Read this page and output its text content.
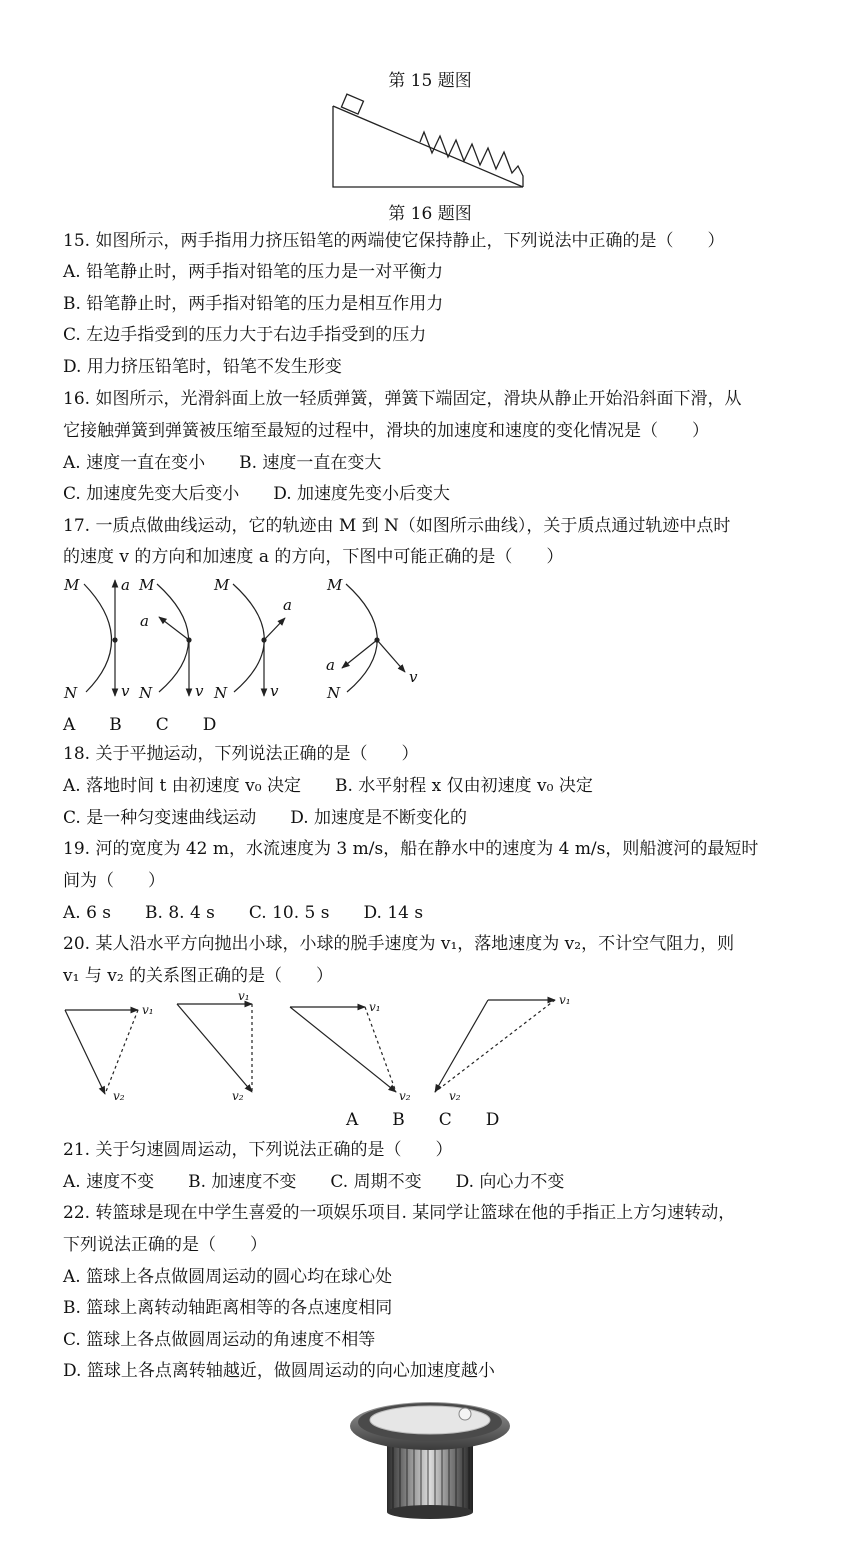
第 15 题图
第 16 题图
15. 如图所示，两手指用力挤压铅笔的两端使它保持静止，下列说法中正确的是（　　）
A. 铅笔静止时，两手指对铅笔的压力是一对平衡力
B. 铅笔静止时，两手指对铅笔的压力是相互作用力
C. 左边手指受到的压力大于右边手指受到的压力
D. 用力挤压铅笔时，铅笔不发生形变
16. 如图所示，光滑斜面上放一轻质弹簧，弹簧下端固定，滑块从静止开始沿斜面下滑，从
它接触弹簧到弹簧被压缩至最短的过程中，滑块的加速度和速度的变化情况是（　　）
A. 速度一直在变小　　B. 速度一直在变大
C. 加速度先变大后变小　　D. 加速度先变小后变大
17. 一质点做曲线运动，它的轨迹由 M 到 N（如图所示曲线），关于质点通过轨迹中点时
的速度 v 的方向和加速度 a 的方向，下图中可能正确的是（　　）
M
N
a
v
M
N
a
v
M
N
a
v
M
N
a
v
A　　B　　C　　D
18. 关于平抛运动，下列说法正确的是（　　）
A. 落地时间 t 由初速度 v₀ 决定　　B. 水平射程 x 仅由初速度 v₀ 决定
C. 是一种匀变速曲线运动　　D. 加速度是不断变化的
19. 河的宽度为 42 m，水流速度为 3 m/s，船在静水中的速度为 4 m/s，则船渡河的最短时
间为（　　）
A. 6 s　　B. 8. 4 s　　C. 10. 5 s　　D. 14 s
20. 某人沿水平方向抛出小球，小球的脱手速度为 v₁，落地速度为 v₂，不计空气阻力，则
v₁ 与 v₂ 的关系图正确的是（　　）
v₁
v₂
v₁
v₂
v₁
v₂
v₁
v₂
A　　B　　C　　D
21. 关于匀速圆周运动，下列说法正确的是（　　）
A. 速度不变　　B. 加速度不变　　C. 周期不变　　D. 向心力不变
22. 转篮球是现在中学生喜爱的一项娱乐项目. 某同学让篮球在他的手指正上方匀速转动，
下列说法正确的是（　　）
A. 篮球上各点做圆周运动的圆心均在球心处
B. 篮球上离转动轴距离相等的各点速度相同
C. 篮球上各点做圆周运动的角速度不相等
D. 篮球上各点离转轴越近，做圆周运动的向心加速度越小
